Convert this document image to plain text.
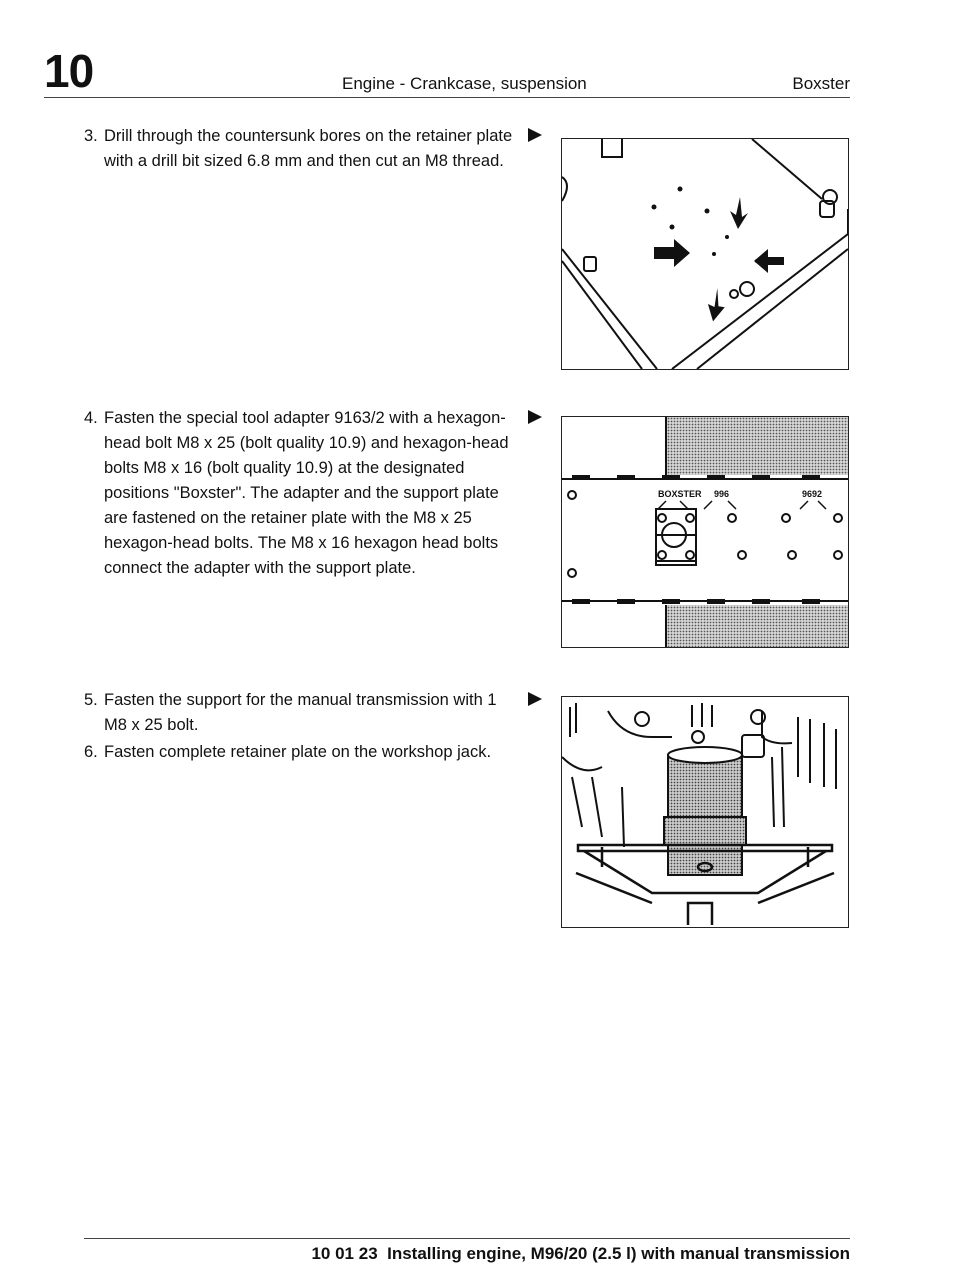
10	Engine - Crankcase, suspension	Boxster
3. Drill through the countersunk bores on the retainer plate with a drill bit sized 6.8 mm and then cut an M8 thread.
4. Fasten the special tool adapter 9163/2 with a hexagon-head bolt M8 x 25 (bolt quality 10.9) and hexagon-head bolts M8 x 16 (bolt quality 10.9) at the designated positions "Boxster". The adapter and the support plate are fastened on the retainer plate with the M8 x 25 hexagon-head bolts. The M8 x 16 hexagon head bolts connect the adapter with the support plate.
BOXSTER 996	9692
5. Fasten the support for the manual transmission with 1 M8 x 25 bolt.
6. Fasten complete retainer plate on the workshop jack.
10 01 23 Installing engine, M96/20 (2.5 l) with manual transmission
